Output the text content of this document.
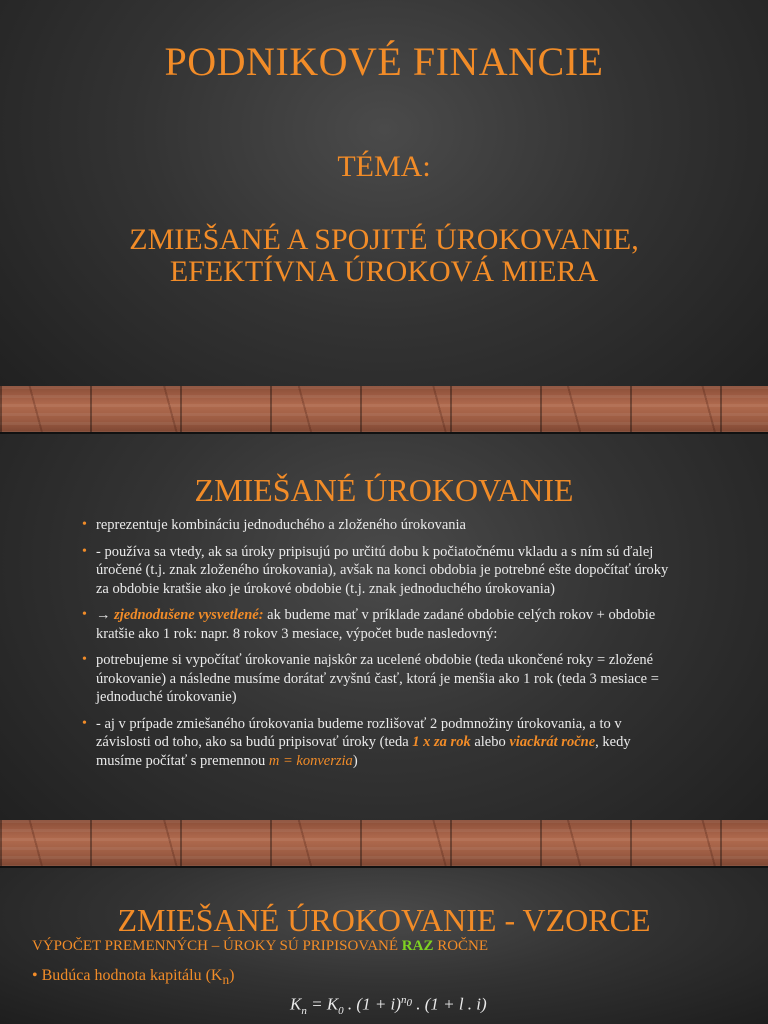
PODNIKOVÉ FINANCIE
TÉMA:
ZMIEŠANÉ A SPOJITÉ ÚROKOVANIE,
EFEKTÍVNA ÚROKOVÁ MIERA
ZMIEŠANÉ ÚROKOVANIE
• reprezentuje kombináciu jednoduchého a zloženého úrokovania
• - používa sa vtedy, ak sa úroky pripisujú po určitú dobu k počiatočnému vkladu a s ním sú ďalej úročené (t.j. znak zloženého úrokovania), avšak na konci obdobia je potrebné ešte dopočítať úroky za obdobie kratšie ako je úrokové obdobie (t.j. znak jednoduchého úrokovania)
• → zjednodušene vysvetlené: ak budeme mať v príklade zadané obdobie celých rokov + obdobie kratšie ako 1 rok: napr. 8 rokov 3 mesiace, výpočet bude nasledovný:
• potrebujeme si vypočítať úrokovanie najskôr za ucelené obdobie (teda ukončené roky = zložené úrokovanie) a následne musíme dorátať zvyšnú časť, ktorá je menšia ako 1 rok (teda 3 mesiace = jednoduché úrokovanie)
• - aj v prípade zmiešaného úrokovania budeme rozlišovať 2 podmnožiny úrokovania, a to v závislosti od toho, ako sa budú pripisovať úroky (teda 1 x za rok alebo viackrát ročne, kedy musíme počítať s premennou m = konverzia)
ZMIEŠANÉ ÚROKOVANIE - VZORCE
VÝPOČET PREMENNÝCH – ÚROKY SÚ PRIPISOVANÉ RAZ ROČNE
• Budúca hodnota kapitálu $(K_n)$
$K_n = K_0$ . $(1 + i)^{n_0}$ . (1 + l . i)
